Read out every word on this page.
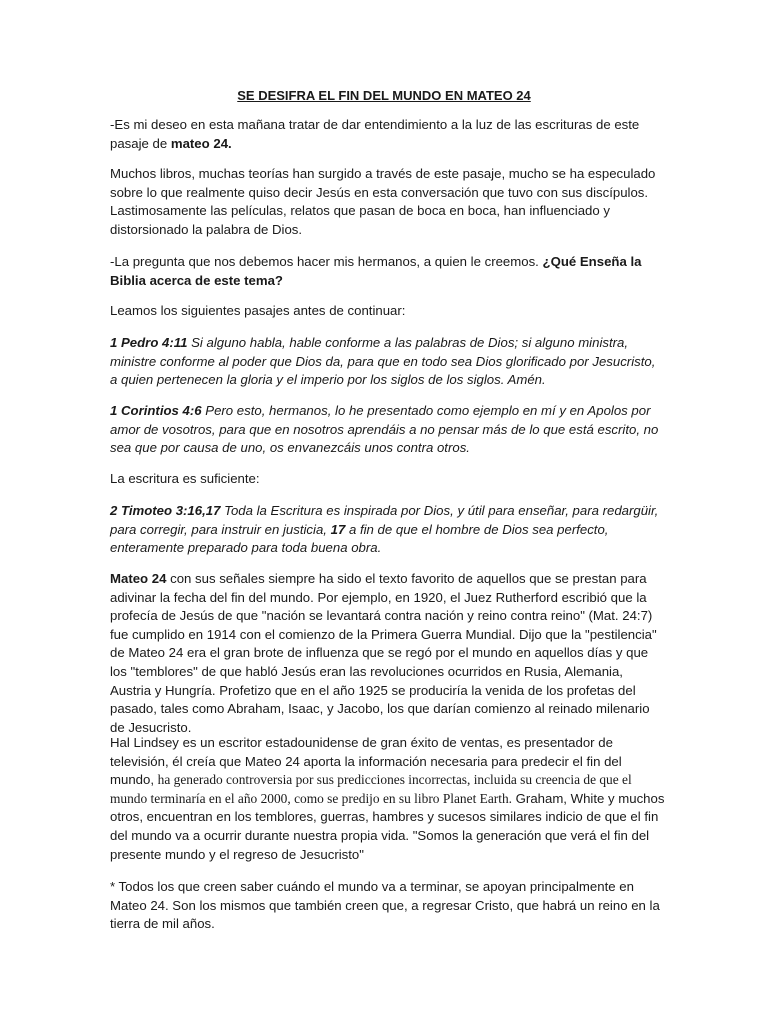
SE DESIFRA EL FIN DEL MUNDO EN MATEO 24

-Es mi deseo en esta mañana tratar de dar entendimiento a la luz de las escrituras de este pasaje de mateo 24.

Muchos libros, muchas teorías han surgido a través de este pasaje, mucho se ha especulado sobre lo que realmente quiso decir Jesús en esta conversación que tuvo con sus discípulos. Lastimosamente las películas, relatos que pasan de boca en boca, han influenciado y distorsionado la palabra de Dios.

-La pregunta que nos debemos hacer mis hermanos, a quien le creemos. ¿Qué Enseña la Biblia acerca de este tema?

Leamos los siguientes pasajes antes de continuar:

1 Pedro 4:11 Si alguno habla, hable conforme a las palabras de Dios; si alguno ministra, ministre conforme al poder que Dios da, para que en todo sea Dios glorificado por Jesucristo, a quien pertenecen la gloria y el imperio por los siglos de los siglos. Amén.

1 Corintios 4:6 Pero esto, hermanos, lo he presentado como ejemplo en mí y en Apolos por amor de vosotros, para que en nosotros aprendáis a no pensar más de lo que está escrito, no sea que por causa de uno, os envanezcáis unos contra otros.

La escritura es suficiente:

2 Timoteo 3:16,17 Toda la Escritura es inspirada por Dios, y útil para enseñar, para redargüir, para corregir, para instruir en justicia, 17 a fin de que el hombre de Dios sea perfecto, enteramente preparado para toda buena obra.

Mateo 24 con sus señales siempre ha sido el texto favorito de aquellos que se prestan para adivinar la fecha del fin del mundo. Por ejemplo, en 1920, el Juez Rutherford escribió que la profecía de Jesús de que "nación se levantará contra nación y reino contra reino" (Mat. 24:7) fue cumplido en 1914 con el comienzo de la Primera Guerra Mundial. Dijo que la "pestilencia" de Mateo 24 era el gran brote de influenza que se regó por el mundo en aquellos días y que los "temblores" de que habló Jesús eran las revoluciones ocurridos en Rusia, Alemania, Austria y Hungría. Profetizo que en el año 1925 se produciría la venida de los profetas del pasado, tales como Abraham, Isaac, y Jacobo, los que darían comienzo al reinado milenario de Jesucristo.

Hal Lindsey es un escritor estadounidense de gran éxito de ventas, es presentador de televisión, él creía que Mateo 24 aporta la información necesaria para predecir el fin del mundo, ha generado controversia por sus predicciones incorrectas, incluida su creencia de que el mundo terminaría en el año 2000, como se predijo en su libro Planet Earth. Graham, White y muchos otros, encuentran en los temblores, guerras, hambres y sucesos similares indicio de que el fin del mundo va a ocurrir durante nuestra propia vida. "Somos la generación que verá el fin del presente mundo y el regreso de Jesucristo"

* Todos los que creen saber cuándo el mundo va a terminar, se apoyan principalmente en Mateo 24. Son los mismos que también creen que, a regresar Cristo, que habrá un reino en la tierra de mil años.
